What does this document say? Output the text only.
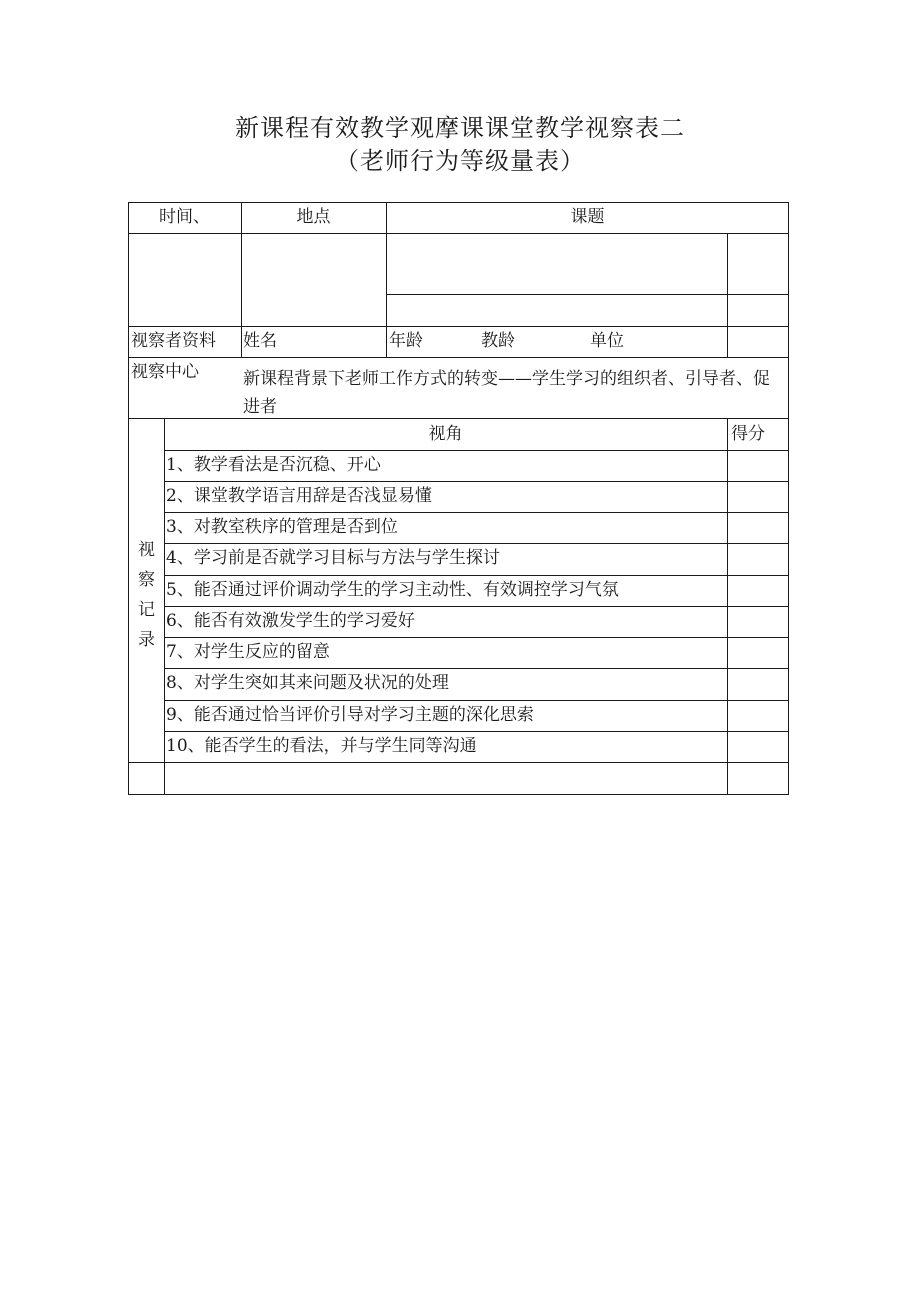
新课程有效教学观摩课课堂教学视察表二
（老师行为等级量表）
时间、	地点	课题
视察者资料 姓名	年龄	教龄	单位
视察中心	新课程背景下老师工作方式的转变——学生学习的组织者、引导者、促进者
视
察
记
录
视角	得分
1、教学看法是否沉稳、开心
2、课堂教学语言用辞是否浅显易懂
3、对教室秩序的管理是否到位
4、学习前是否就学习目标与方法与学生探讨
5、能否通过评价调动学生的学习主动性、有效调控学习气氛
6、能否有效激发学生的学习爱好
7、对学生反应的留意
8、对学生突如其来问题及状况的处理
9、能否通过恰当评价引导对学习主题的深化思索
10、能否学生的看法，并与学生同等沟通
